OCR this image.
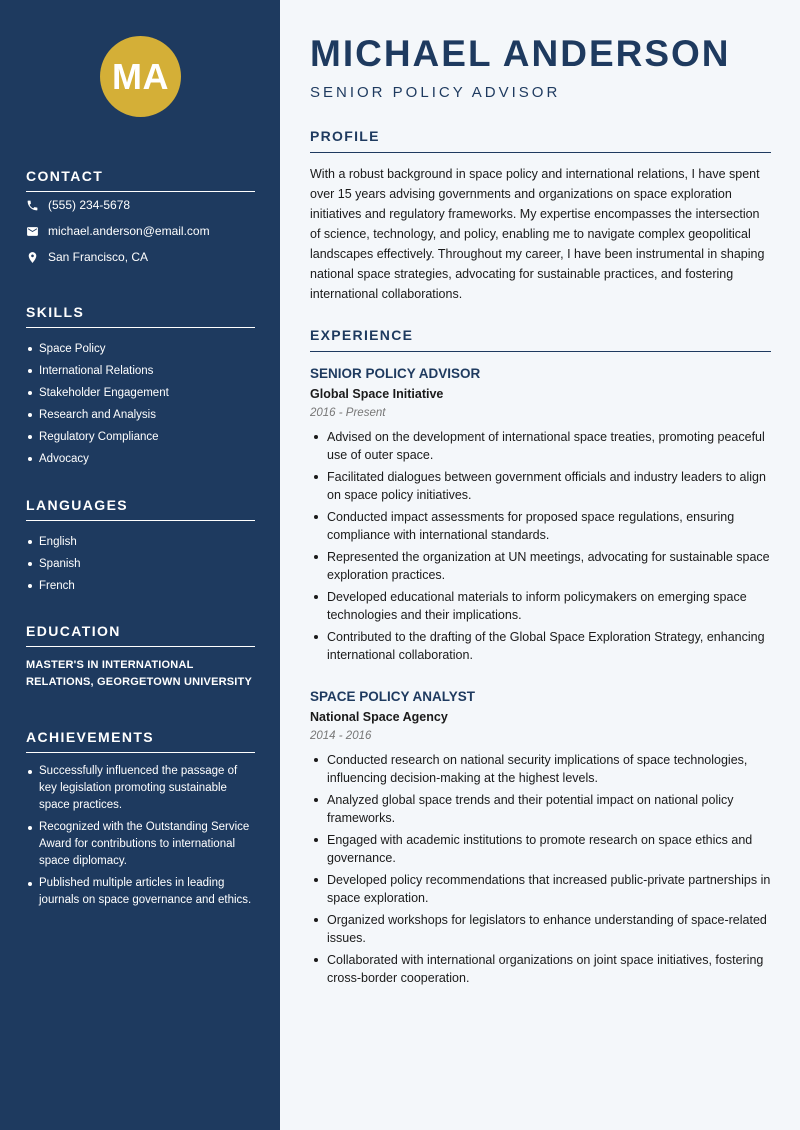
MA
CONTACT
(555) 234-5678
michael.anderson@email.com
San Francisco, CA
SKILLS
Space Policy
International Relations
Stakeholder Engagement
Research and Analysis
Regulatory Compliance
Advocacy
LANGUAGES
English
Spanish
French
EDUCATION
MASTER'S IN INTERNATIONAL RELATIONS, GEORGETOWN UNIVERSITY
ACHIEVEMENTS
Successfully influenced the passage of key legislation promoting sustainable space practices.
Recognized with the Outstanding Service Award for contributions to international space diplomacy.
Published multiple articles in leading journals on space governance and ethics.
MICHAEL ANDERSON
SENIOR POLICY ADVISOR
PROFILE

With a robust background in space policy and international relations, I have spent over 15 years advising governments and organizations on space exploration initiatives and regulatory frameworks. My expertise encompasses the intersection of science, technology, and policy, enabling me to navigate complex geopolitical landscapes effectively. Throughout my career, I have been instrumental in shaping national space strategies, advocating for sustainable practices, and fostering international collaborations.

EXPERIENCE
SENIOR POLICY ADVISOR
Global Space Initiative
2016 - Present
Advised on the development of international space treaties, promoting peaceful use of outer space.
Facilitated dialogues between government officials and industry leaders to align on space policy initiatives.
Conducted impact assessments for proposed space regulations, ensuring compliance with international standards.
Represented the organization at UN meetings, advocating for sustainable space exploration practices.
Developed educational materials to inform policymakers on emerging space technologies and their implications.
Contributed to the drafting of the Global Space Exploration Strategy, enhancing international collaboration.
SPACE POLICY ANALYST
National Space Agency
2014 - 2016
Conducted research on national security implications of space technologies, influencing decision-making at the highest levels.
Analyzed global space trends and their potential impact on national policy frameworks.
Engaged with academic institutions to promote research on space ethics and governance.
Developed policy recommendations that increased public-private partnerships in space exploration.
Organized workshops for legislators to enhance understanding of space-related issues.
Collaborated with international organizations on joint space initiatives, fostering cross-border cooperation.
